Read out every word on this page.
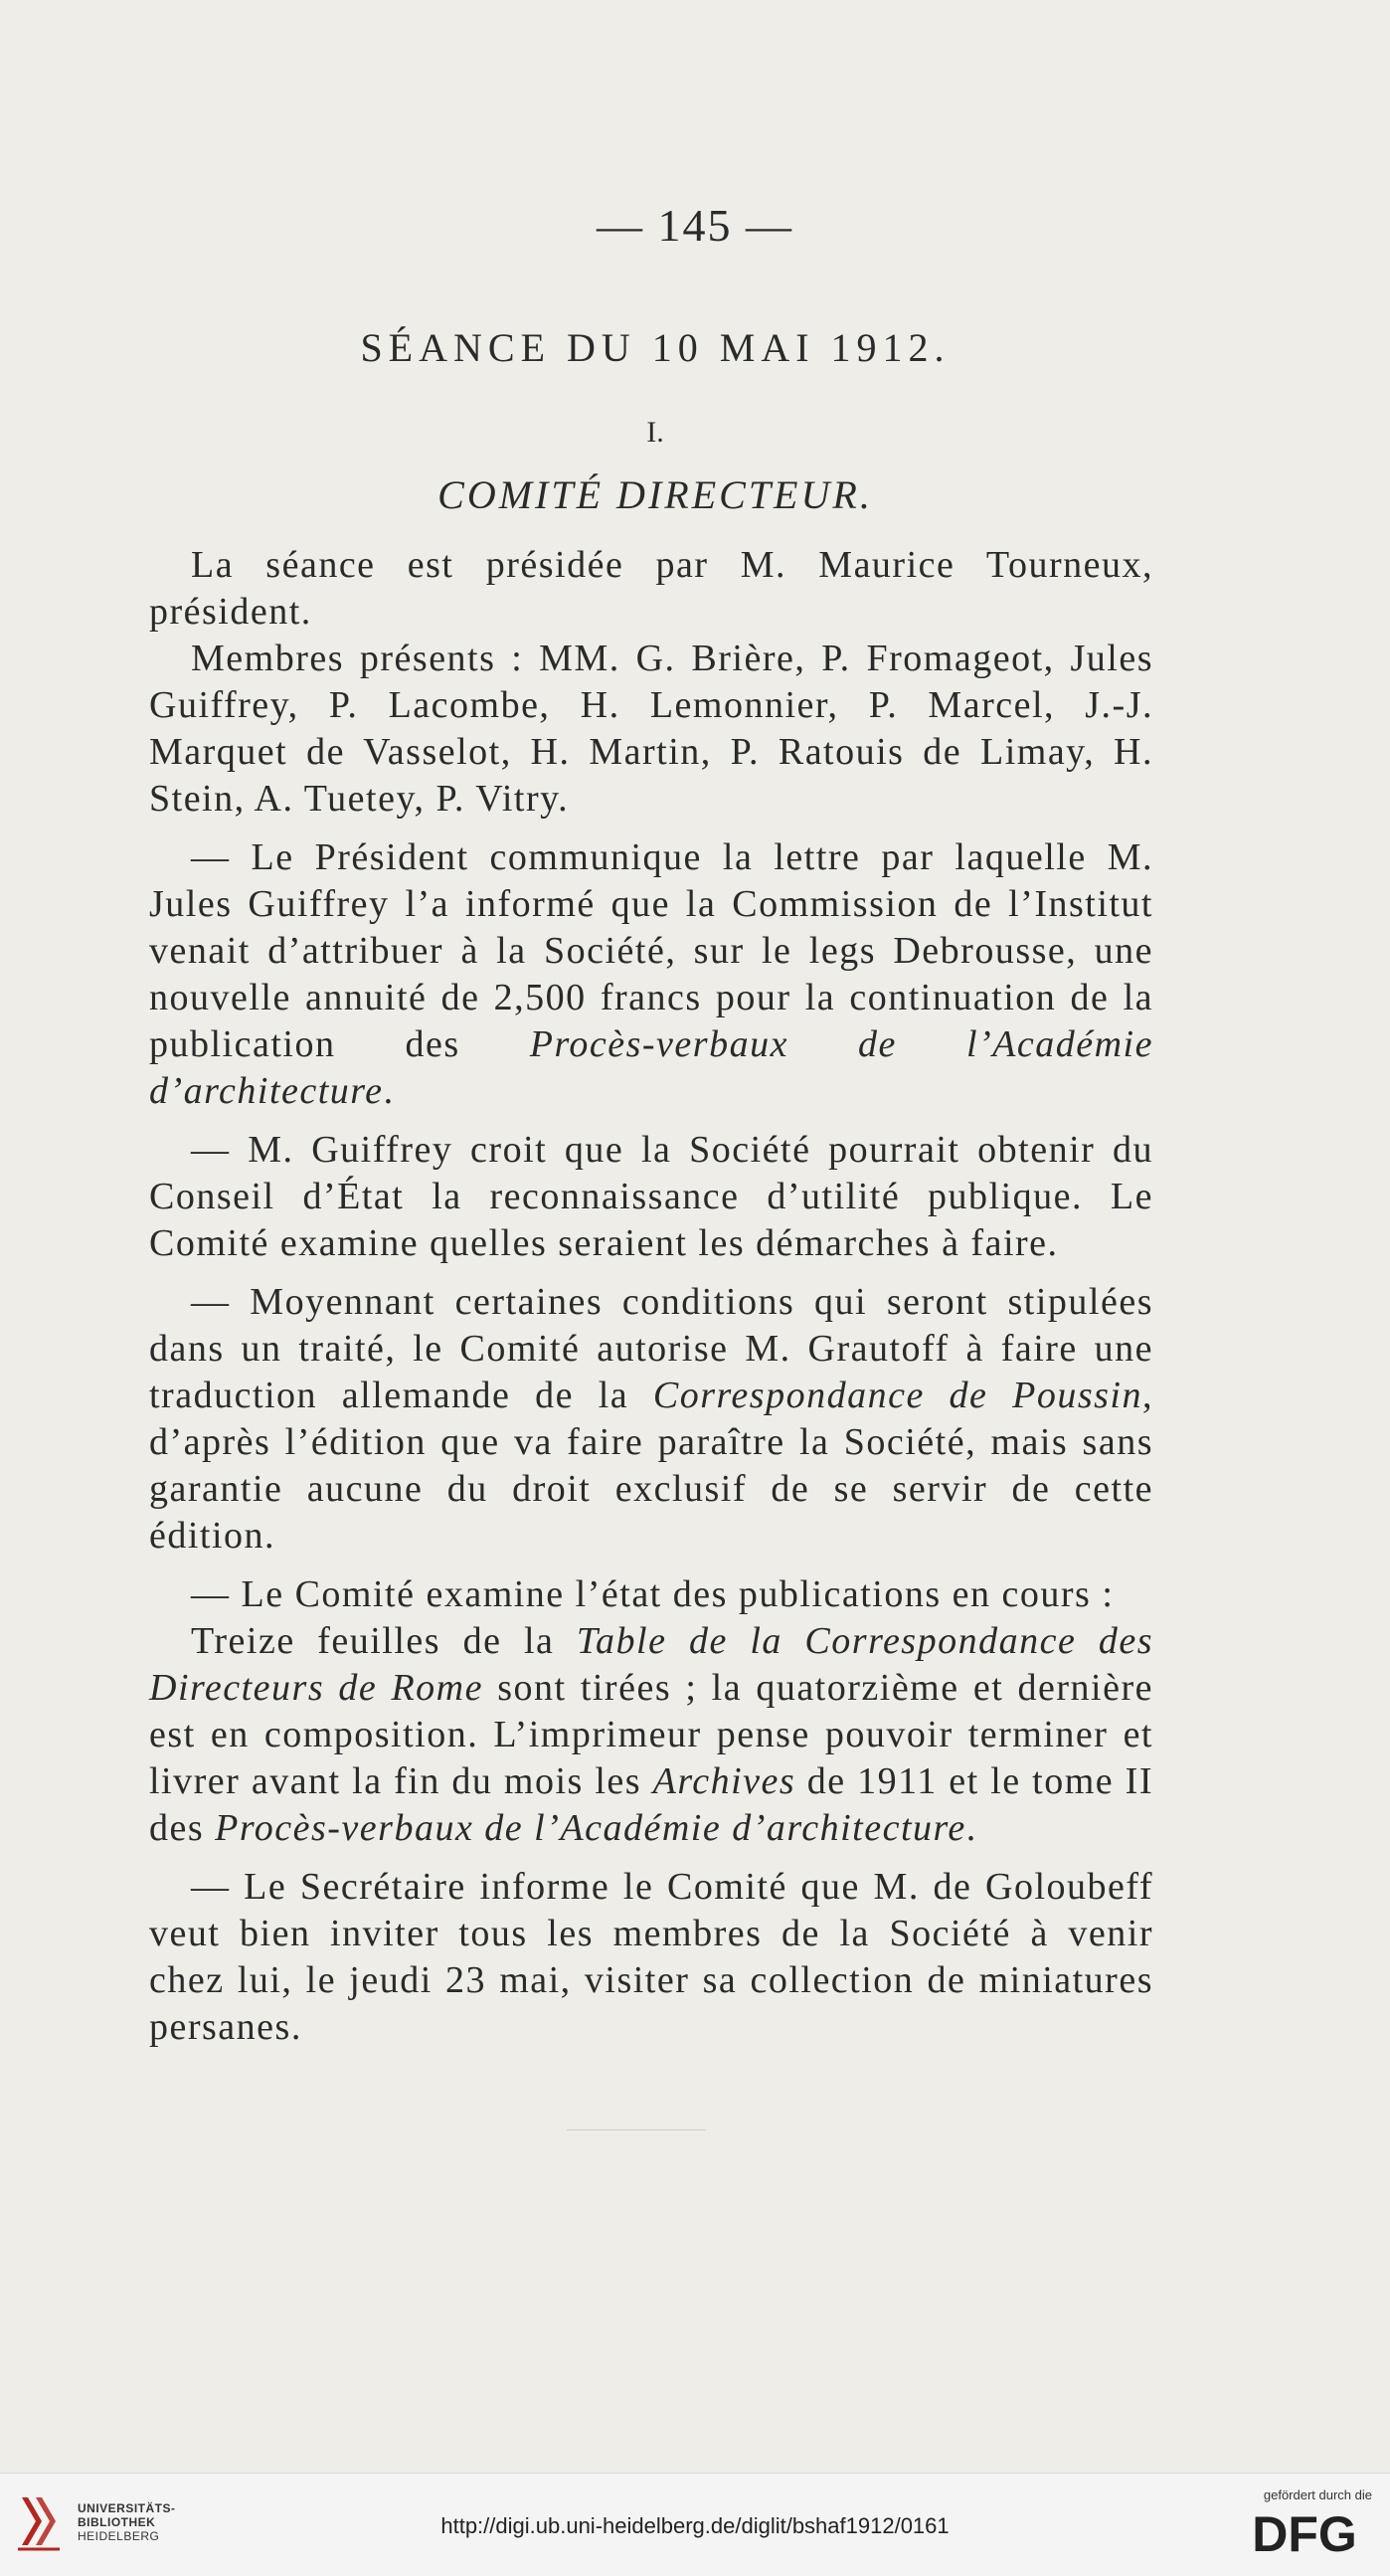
— 145 —
SÉANCE DU 10 MAI 1912.
I.
COMITÉ DIRECTEUR.

La séance est présidée par M. Maurice Tourneux, président.

Membres présents : MM. G. Brière, P. Fromageot, Jules Guiffrey, P. Lacombe, H. Lemonnier, P. Marcel, J.-J. Marquet de Vasselot, H. Martin, P. Ratouis de Limay, H. Stein, A. Tuetey, P. Vitry.

— Le Président communique la lettre par laquelle M. Jules Guiffrey l’a informé que la Commission de l’Institut venait d’attribuer à la Société, sur le legs Debrousse, une nouvelle annuité de 2,500 francs pour la continuation de la publication des Procès-verbaux de l’Académie d’architecture.

— M. Guiffrey croit que la Société pourrait obtenir du Conseil d’État la reconnaissance d’utilité publique. Le Comité examine quelles seraient les démarches à faire.

— Moyennant certaines conditions qui seront stipulées dans un traité, le Comité autorise M. Grautoff à faire une traduction allemande de la Correspondance de Poussin, d’après l’édition que va faire paraître la Société, mais sans garantie aucune du droit exclusif de se servir de cette édition.

— Le Comité examine l’état des publications en cours :

Treize feuilles de la Table de la Correspondance des Directeurs de Rome sont tirées ; la quatorzième et dernière est en composition. L’imprimeur pense pouvoir terminer et livrer avant la fin du mois les Archives de 1911 et le tome II des Procès-verbaux de l’Académie d’architecture.

— Le Secrétaire informe le Comité que M. de Goloubeff veut bien inviter tous les membres de la Société à venir chez lui, le jeudi 23 mai, visiter sa collection de miniatures persanes.

UNIVERSITÄTS-
BIBLIOTHEK
HEIDELBERG	http://digi.ub.uni-heidelberg.de/diglit/bshaf1912/0161
gefördert durch die
DFG
